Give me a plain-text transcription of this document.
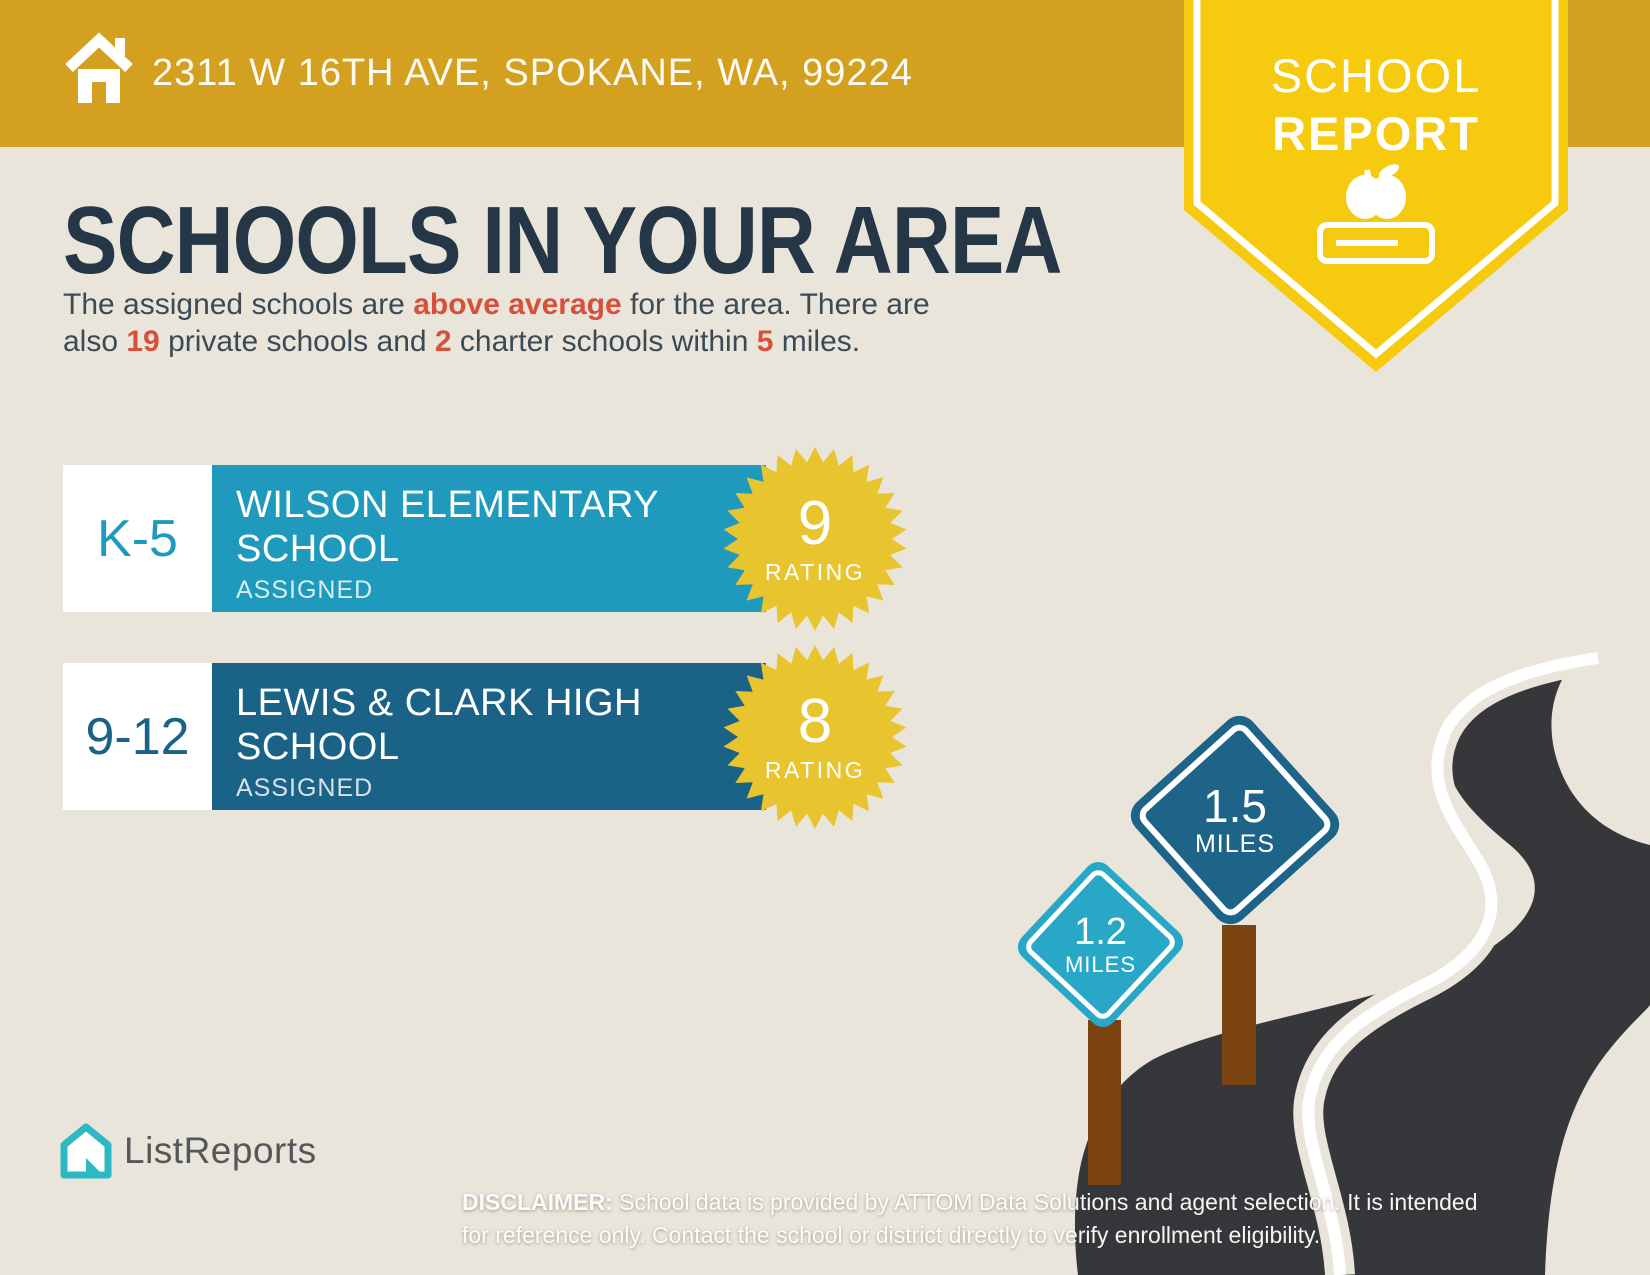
2311 W 16TH AVE, SPOKANE, WA, 99224	SCHOOL
REPORT
SCHOOLS IN YOUR AREA
The assigned schools are above average for the area. There are
also 19 private schools and 2 charter schools within 5 miles.
K-5
WILSON ELEMENTARY SCHOOL
ASSIGNED
9
RATING
9-12
LEWIS & CLARK HIGH SCHOOL
ASSIGNED
8
RATING
1.5
MILES
1.2
MILES
ListReports
DISCLAIMER: School data is provided by ATTOM Data Solutions and agent selection. It is intended
for reference only. Contact the school or district directly to verify enrollment eligibility.
